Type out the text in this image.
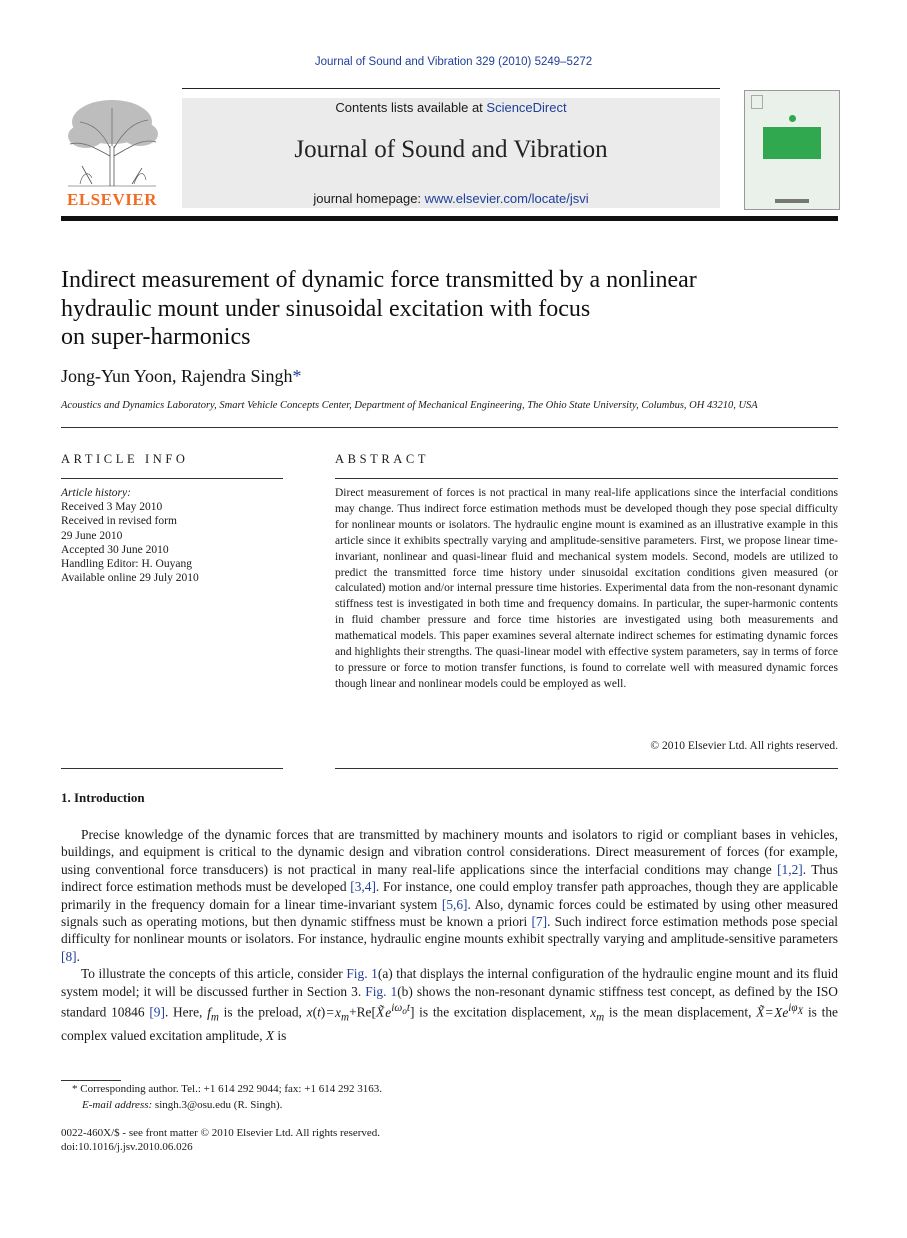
Journal of Sound and Vibration 329 (2010) 5249–5272
ELSEVIER
Contents lists available at ScienceDirect
Journal of Sound and Vibration
journal homepage: www.elsevier.com/locate/jsvi
Indirect measurement of dynamic force transmitted by a nonlinear
hydraulic mount under sinusoidal excitation with focus
on super-harmonics
Jong-Yun Yoon, Rajendra Singh*
Acoustics and Dynamics Laboratory, Smart Vehicle Concepts Center, Department of Mechanical Engineering, The Ohio State University, Columbus, OH 43210, USA
ARTICLE INFO	ABSTRACT
Article history:
Received 3 May 2010
Received in revised form
29 June 2010
Accepted 30 June 2010
Handling Editor: H. Ouyang
Available online 29 July 2010
Direct measurement of forces is not practical in many real-life applications since the interfacial conditions may change. Thus indirect force estimation methods must be developed though they pose special difficulty for nonlinear mounts or isolators. The hydraulic engine mount is examined as an illustrative example in this article since it exhibits spectrally varying and amplitude-sensitive parameters. First, we propose linear time-invariant, nonlinear and quasi-linear fluid and mechanical system models. Second, models are utilized to predict the transmitted force time history under sinusoidal excitation conditions given measured (or calculated) motion and/or internal pressure time histories. Experimental data from the non-resonant dynamic stiffness test is investigated in both time and frequency domains. In particular, the super-harmonic contents in fluid chamber pressure and force time histories are investigated using both measurements and mathematical models. This paper examines several alternate indirect schemes for estimating dynamic forces and highlights their strengths. The quasi-linear model with effective system parameters, say in terms of force to pressure or force to motion transfer functions, is found to correlate well with measured dynamic forces though linear and nonlinear models could be employed as well.
© 2010 Elsevier Ltd. All rights reserved.
1. Introduction

Precise knowledge of the dynamic forces that are transmitted by machinery mounts and isolators to rigid or compliant bases in vehicles, buildings, and equipment is critical to the dynamic design and vibration control considerations. Direct measurement of forces (for example, using conventional force transducers) is not practical in many real-life applications since the interfacial conditions may change [1,2]. Thus indirect force estimation methods must be developed [3,4]. For instance, one could employ transfer path approaches, though they are applicable primarily in the frequency domain for a linear time-invariant system [5,6]. Also, dynamic forces could be estimated by using other measured signals such as operating motions, but then dynamic stiffness must be known a priori [7]. Such indirect force estimation methods pose special difficulty for nonlinear mounts or isolators. For instance, hydraulic engine mounts exhibit spectrally varying and amplitude-sensitive parameters [8].

To illustrate the concepts of this article, consider Fig. 1(a) that displays the internal configuration of the hydraulic engine mount and its fluid system model; it will be discussed further in Section 3. Fig. 1(b) shows the non-resonant dynamic stiffness test concept, as defined by the ISO standard 10846 [9]. Here, $f_m$ is the preload, x(t) = $x_m+Re[X̃$ $e^{i\omega_ot}$] is the excitation displacement, $x_m$ is the mean displacement, X̃ = $Xe^{i\varphi_X}$ is the complex valued excitation amplitude, X is

* Corresponding author. Tel.: +1 614 292 9044; fax: +1 614 292 3163.
E-mail address: singh.3@osu.edu (R. Singh).
0022-460X/$ - see front matter © 2010 Elsevier Ltd. All rights reserved.
doi:10.1016/j.jsv.2010.06.026
